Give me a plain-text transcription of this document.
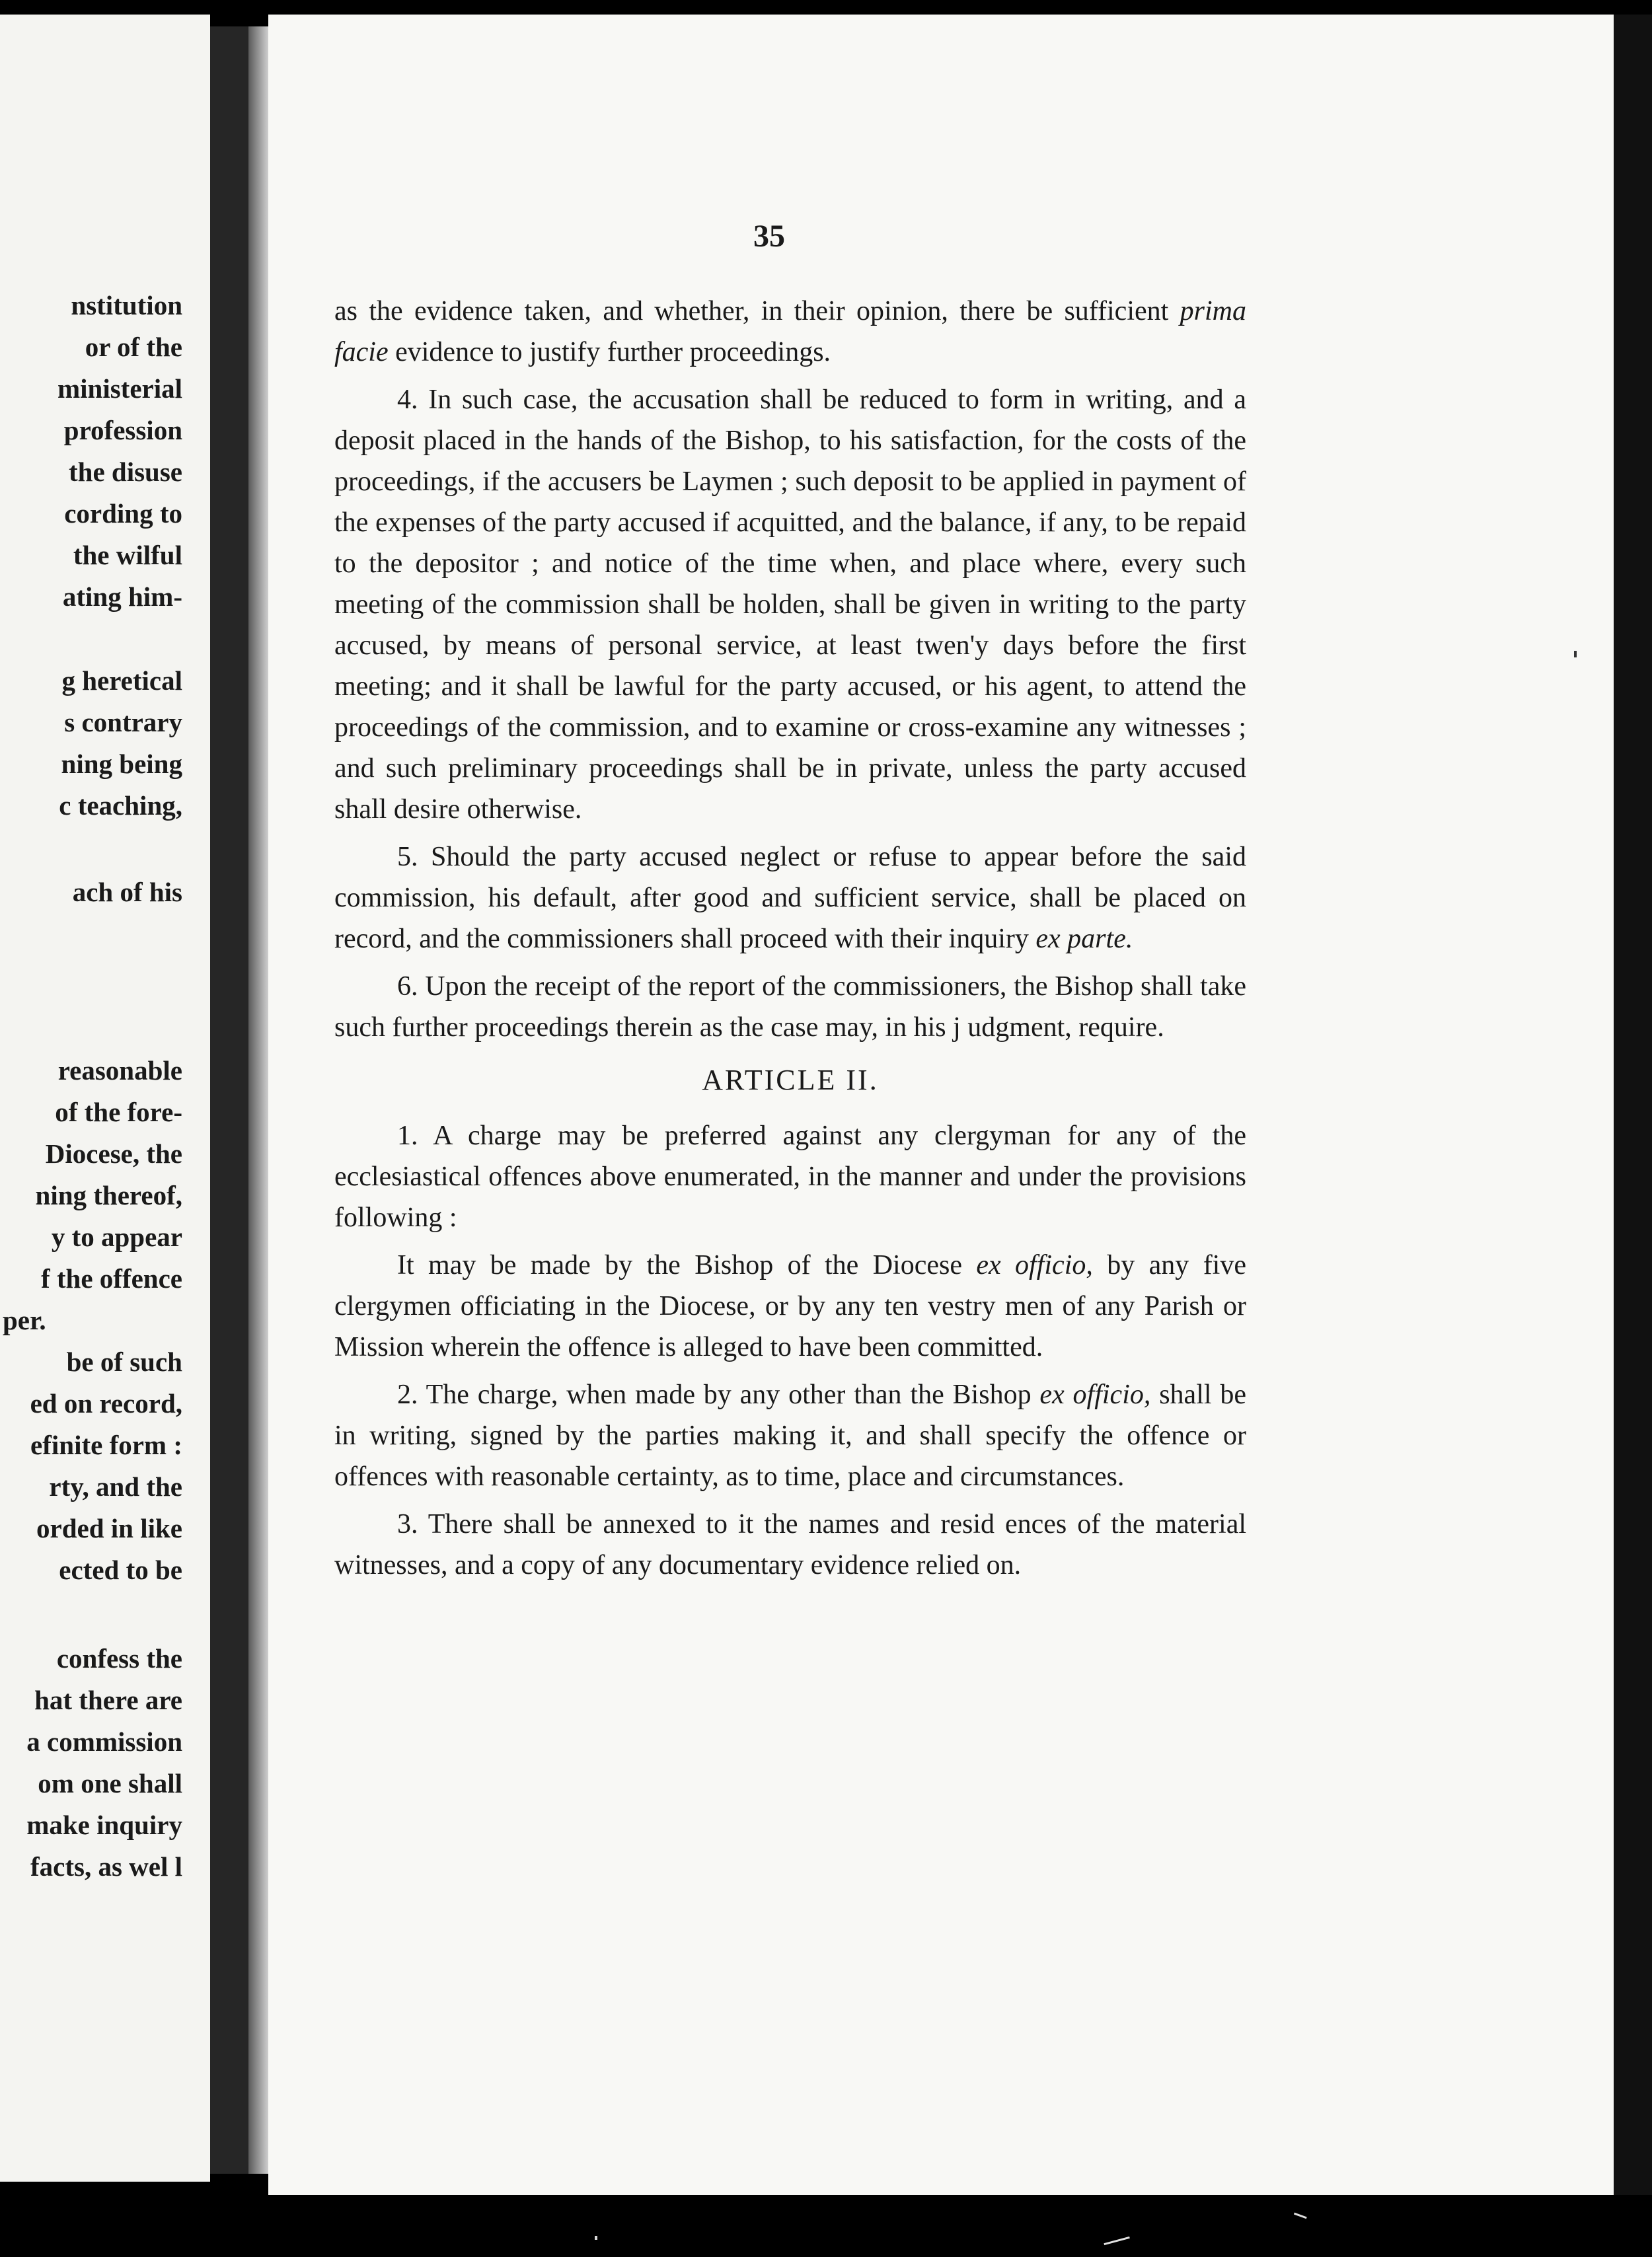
nstitution
or of the
ministerial
profession
the disuse
cording to
the wilful
ating him-
g heretical
s contrary
ning being
c teaching,
ach of his
reasonable
of the fore-
Diocese, the
ning thereof,
y to appear
f the offence
per.
be of such
ed on record,
efinite form :
rty, and the
orded in like
ected to be
confess the
hat there are
a commission
om one shall
make inquiry
facts, as wel l
35

as the evidence taken, and whether, in their opinion, there be sufficient prima facie evidence to justify further proceedings.

4. In such case, the accusation shall be reduced to form in writing, and a deposit placed in the hands of the Bishop, to his satisfaction, for the costs of the proceedings, if the accusers be Laymen ; such deposit to be applied in payment of the expenses of the party accused if acquitted, and the balance, if any, to be repaid to the depositor ; and notice of the time when, and place where, every such meeting of the commission shall be holden, shall be given in writing to the party accused, by means of personal service, at least twen'y days before the first meeting; and it shall be lawful for the party accused, or his agent, to attend the proceedings of the commission, and to examine or cross-examine any witnesses ; and such preliminary proceedings shall be in private, unless the party accused shall desire otherwise.

5. Should the party accused neglect or refuse to appear before the said commission, his default, after good and sufficient service, shall be placed on record, and the commissioners shall proceed with their inquiry ex parte.

6. Upon the receipt of the report of the commissioners, the Bishop shall take such further proceedings therein as the case may, in his j udgment, require.

ARTICLE II.

1. A charge may be preferred against any clergyman for any of the ecclesiastical offences above enumerated, in the manner and under the provisions following :

It may be made by the Bishop of the Diocese ex officio, by any five clergymen officiating in the Diocese, or by any ten vestry men of any Parish or Mission wherein the offence is alleged to have been committed.

2. The charge, when made by any other than the Bishop ex officio, shall be in writing, signed by the parties making it, and shall specify the offence or offences with reasonable certainty, as to time, place and circumstances.

3. There shall be annexed to it the names and resid ences of the material witnesses, and a copy of any documentary evidence relied on.
